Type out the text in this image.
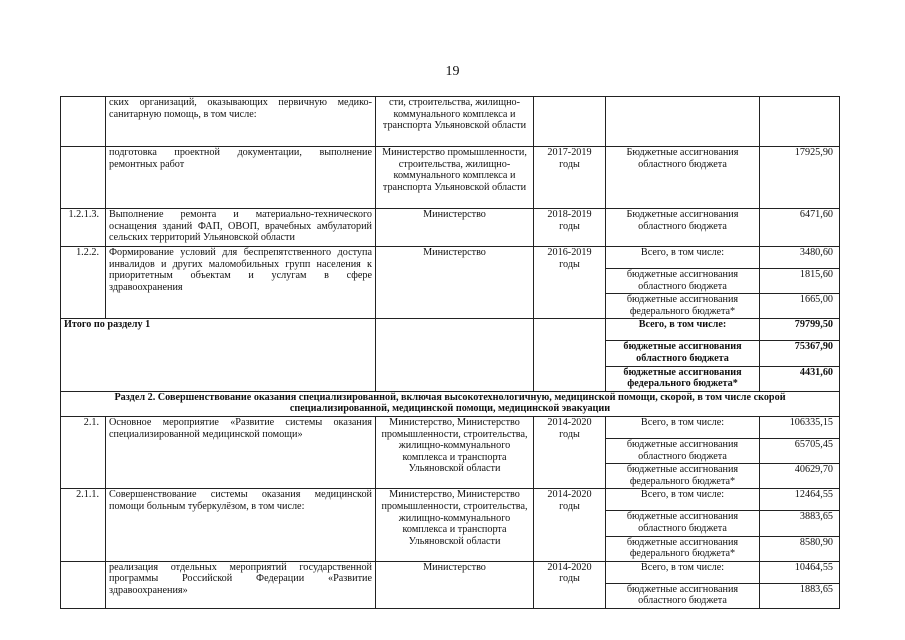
19
	ских организаций, оказывающих первичную медико-санитарную помощь, в том числе:	сти, строительства, жилищно-коммунального комплекса и транспорта Ульяновской области			
	подготовка проектной документации, выполнение ремонтных работ	Министерство промышленности, строительства, жилищно-коммунального комплекса и транспорта Ульяновской области	2017-2019 годы	Бюджетные ассигнования областного бюджета	17925,90
1.2.1.3.	Выполнение ремонта и материально-технического оснащения зданий ФАП, ОВОП, врачебных амбулаторий сельских территорий Ульяновской области	Министерство	2018-2019 годы	Бюджетные ассигнования областного бюджета	6471,60
1.2.2.	Формирование условий для беспрепятственного доступа инвалидов и других маломобильных групп населения к приоритетным объектам и услугам в сфере здравоохранения	Министерство	2016-2019 годы	Всего, в том числе:	3480,60
				бюджетные ассигнования областного бюджета	1815,60
				бюджетные ассигнования федерального бюджета*	1665,00
Итого по разделу 1				Всего, в том числе:	79799,50
				бюджетные ассигнования областного бюджета	75367,90
				бюджетные ассигнования федерального бюджета*	4431,60
Раздел 2. Совершенствование оказания специализированной, включая высокотехнологичную, медицинской помощи, скорой, в том числе скорой специализированной, медицинской помощи, медицинской эвакуации					
2.1.	Основное мероприятие «Развитие системы оказания специализированной медицинской помощи»	Министерство, Министерство промышленности, строительства, жилищно-коммунального комплекса и транспорта Ульяновской области	2014-2020 годы	Всего, в том числе:	106335,15
				бюджетные ассигнования областного бюджета	65705,45
				бюджетные ассигнования федерального бюджета*	40629,70
2.1.1.	Совершенствование системы оказания медицинской помощи больным туберкулёзом, в том числе:	Министерство, Министерство промышленности, строительства, жилищно-коммунального комплекса и транспорта Ульяновской области	2014-2020 годы	Всего, в том числе:	12464,55
				бюджетные ассигнования областного бюджета	3883,65
				бюджетные ассигнования федерального бюджета*	8580,90
	реализация отдельных мероприятий государственной программы Российской Федерации «Развитие здравоохранения»	Министерство	2014-2020 годы	Всего, в том числе:	10464,55
				бюджетные ассигнования областного бюджета	1883,65
